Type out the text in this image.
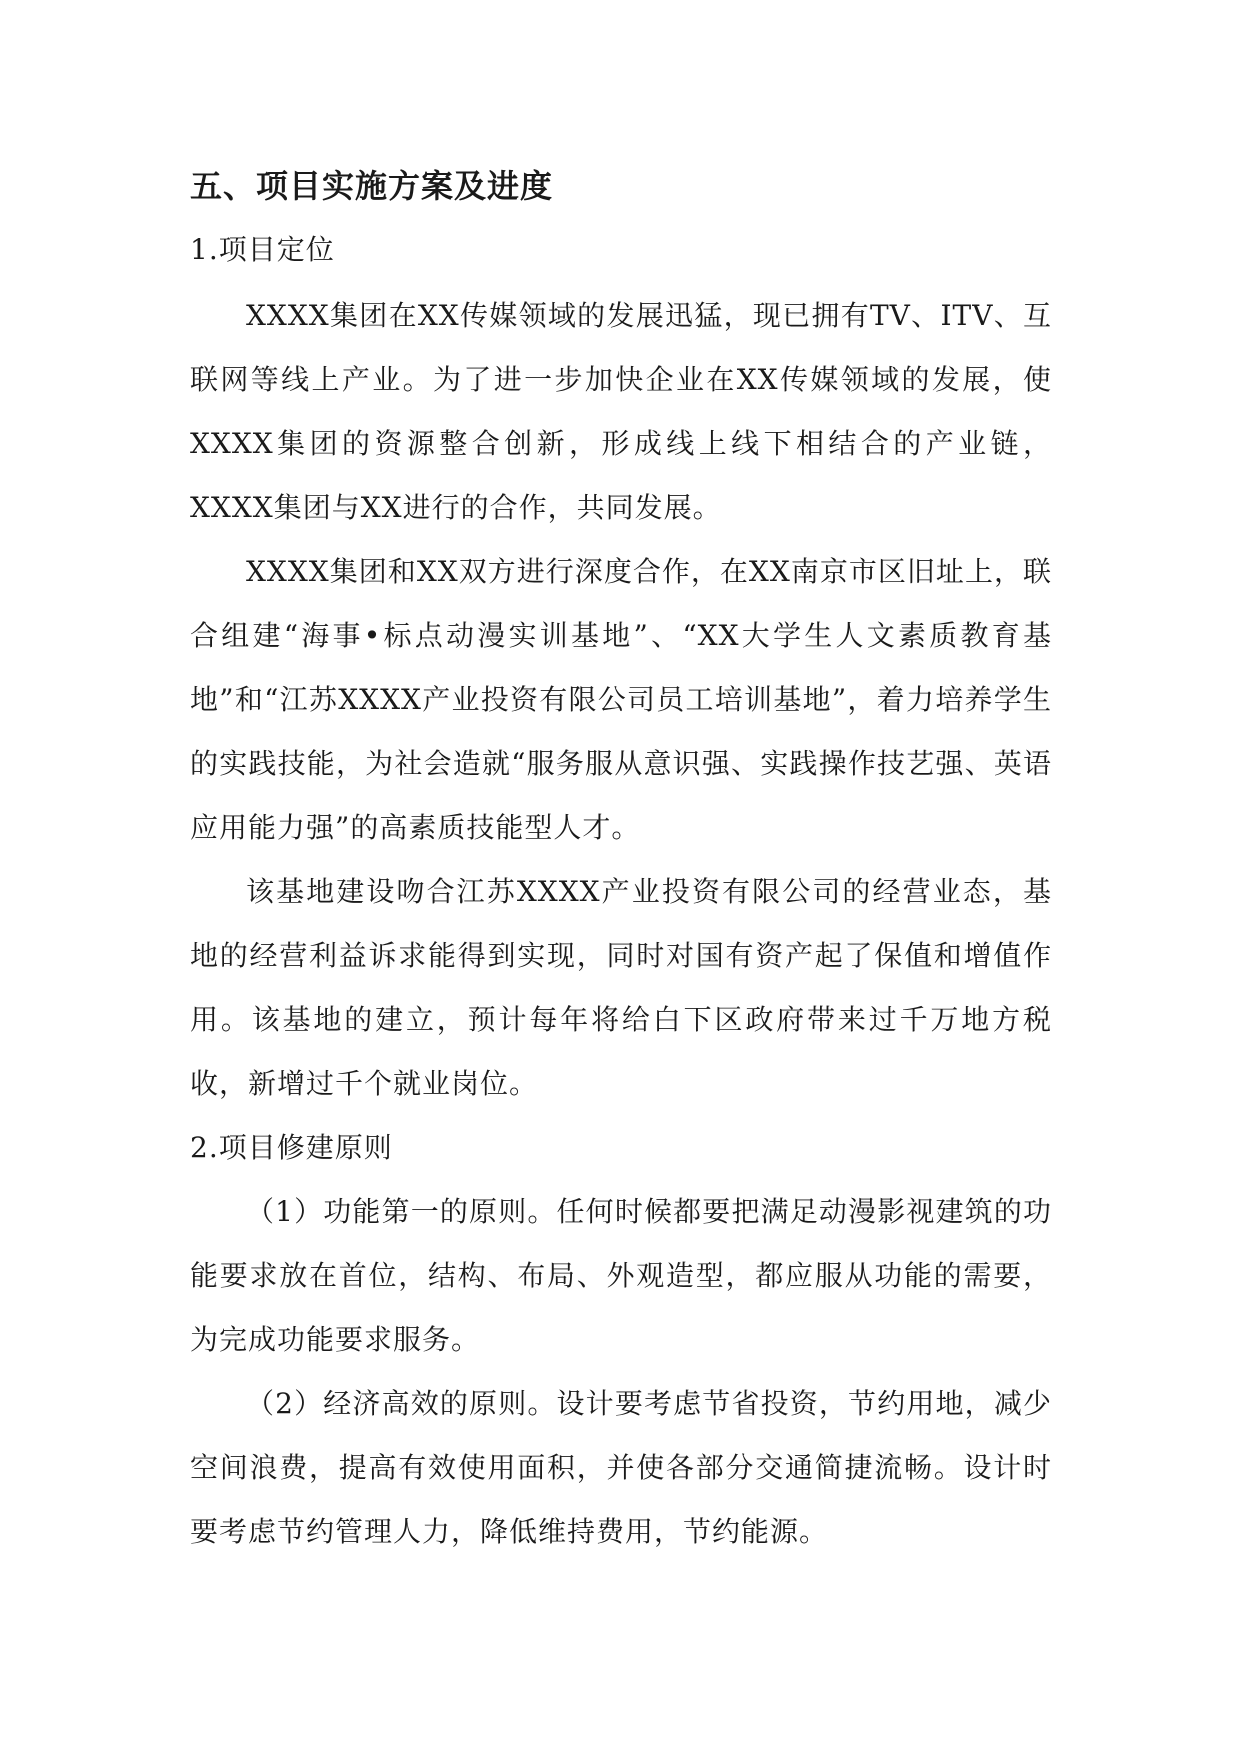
五、项目实施方案及进度
1.项目定位

XXXX集团在XX传媒领域的发展迅猛，现已拥有TV、ITV、互联网等线上产业。为了进一步加快企业在XX传媒领域的发展，使XXXX集团的资源整合创新，形成线上线下相结合的产业链，XXXX集团与XX进行的合作，共同发展。

XXXX集团和XX双方进行深度合作，在XX南京市区旧址上，联合组建“海事•标点动漫实训基地”、“XX大学生人文素质教育基地”和“江苏XXXX产业投资有限公司员工培训基地”，着力培养学生的实践技能，为社会造就“服务服从意识强、实践操作技艺强、英语应用能力强”的高素质技能型人才。

该基地建设吻合江苏XXXX产业投资有限公司的经营业态，基地的经营利益诉求能得到实现，同时对国有资产起了保值和增值作用。该基地的建立，预计每年将给白下区政府带来过千万地方税收，新增过千个就业岗位。

2.项目修建原则

（1）功能第一的原则。任何时候都要把满足动漫影视建筑的功能要求放在首位，结构、布局、外观造型，都应服从功能的需要，为完成功能要求服务。

（2）经济高效的原则。设计要考虑节省投资，节约用地，减少空间浪费，提高有效使用面积，并使各部分交通简捷流畅。设计时要考虑节约管理人力，降低维持费用，节约能源。
